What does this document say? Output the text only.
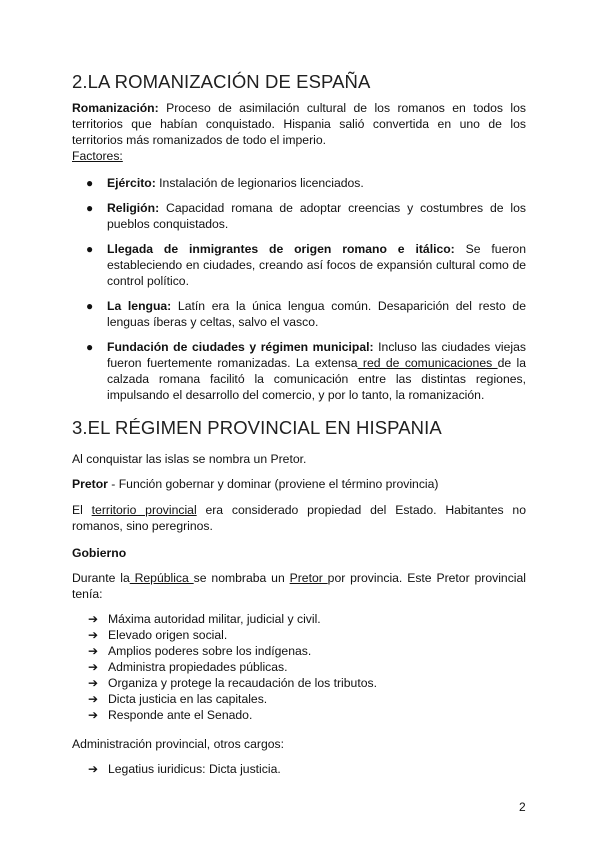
2.LA ROMANIZACIÓN DE ESPAÑA
Romanización: Proceso de asimilación cultural de los romanos en todos los territorios que habían conquistado. Hispania salió convertida en uno de los territorios más romanizados de todo el imperio.
Factores:
● Ejército: Instalación de legionarios licenciados.
● Religión: Capacidad romana de adoptar creencias y costumbres de los pueblos conquistados.
● Llegada de inmigrantes de origen romano e itálico: Se fueron estableciendo en ciudades, creando así focos de expansión cultural como de control político.
● La lengua: Latín era la única lengua común. Desaparición del resto de lenguas íberas y celtas, salvo el vasco.
● Fundación de ciudades y régimen municipal: Incluso las ciudades viejas fueron fuertemente romanizadas. La extensa red de comunicaciones de la calzada romana facilitó la comunicación entre las distintas regiones, impulsando el desarrollo del comercio, y por lo tanto, la romanización.
3.EL RÉGIMEN PROVINCIAL EN HISPANIA
Al conquistar las islas se nombra un Pretor.
Pretor - Función gobernar y dominar (proviene el término provincia)
El territorio provincial era considerado propiedad del Estado. Habitantes no romanos, sino peregrinos.
Gobierno
Durante la República se nombraba un Pretor por provincia. Este Pretor provincial tenía:
➔ Máxima autoridad militar, judicial y civil.
➔ Elevado origen social.
➔ Amplios poderes sobre los indígenas.
➔ Administra propiedades públicas.
➔ Organiza y protege la recaudación de los tributos.
➔ Dicta justicia en las capitales.
➔ Responde ante el Senado.
Administración provincial, otros cargos:
➔ Legatius iuridicus: Dicta justicia.
2
